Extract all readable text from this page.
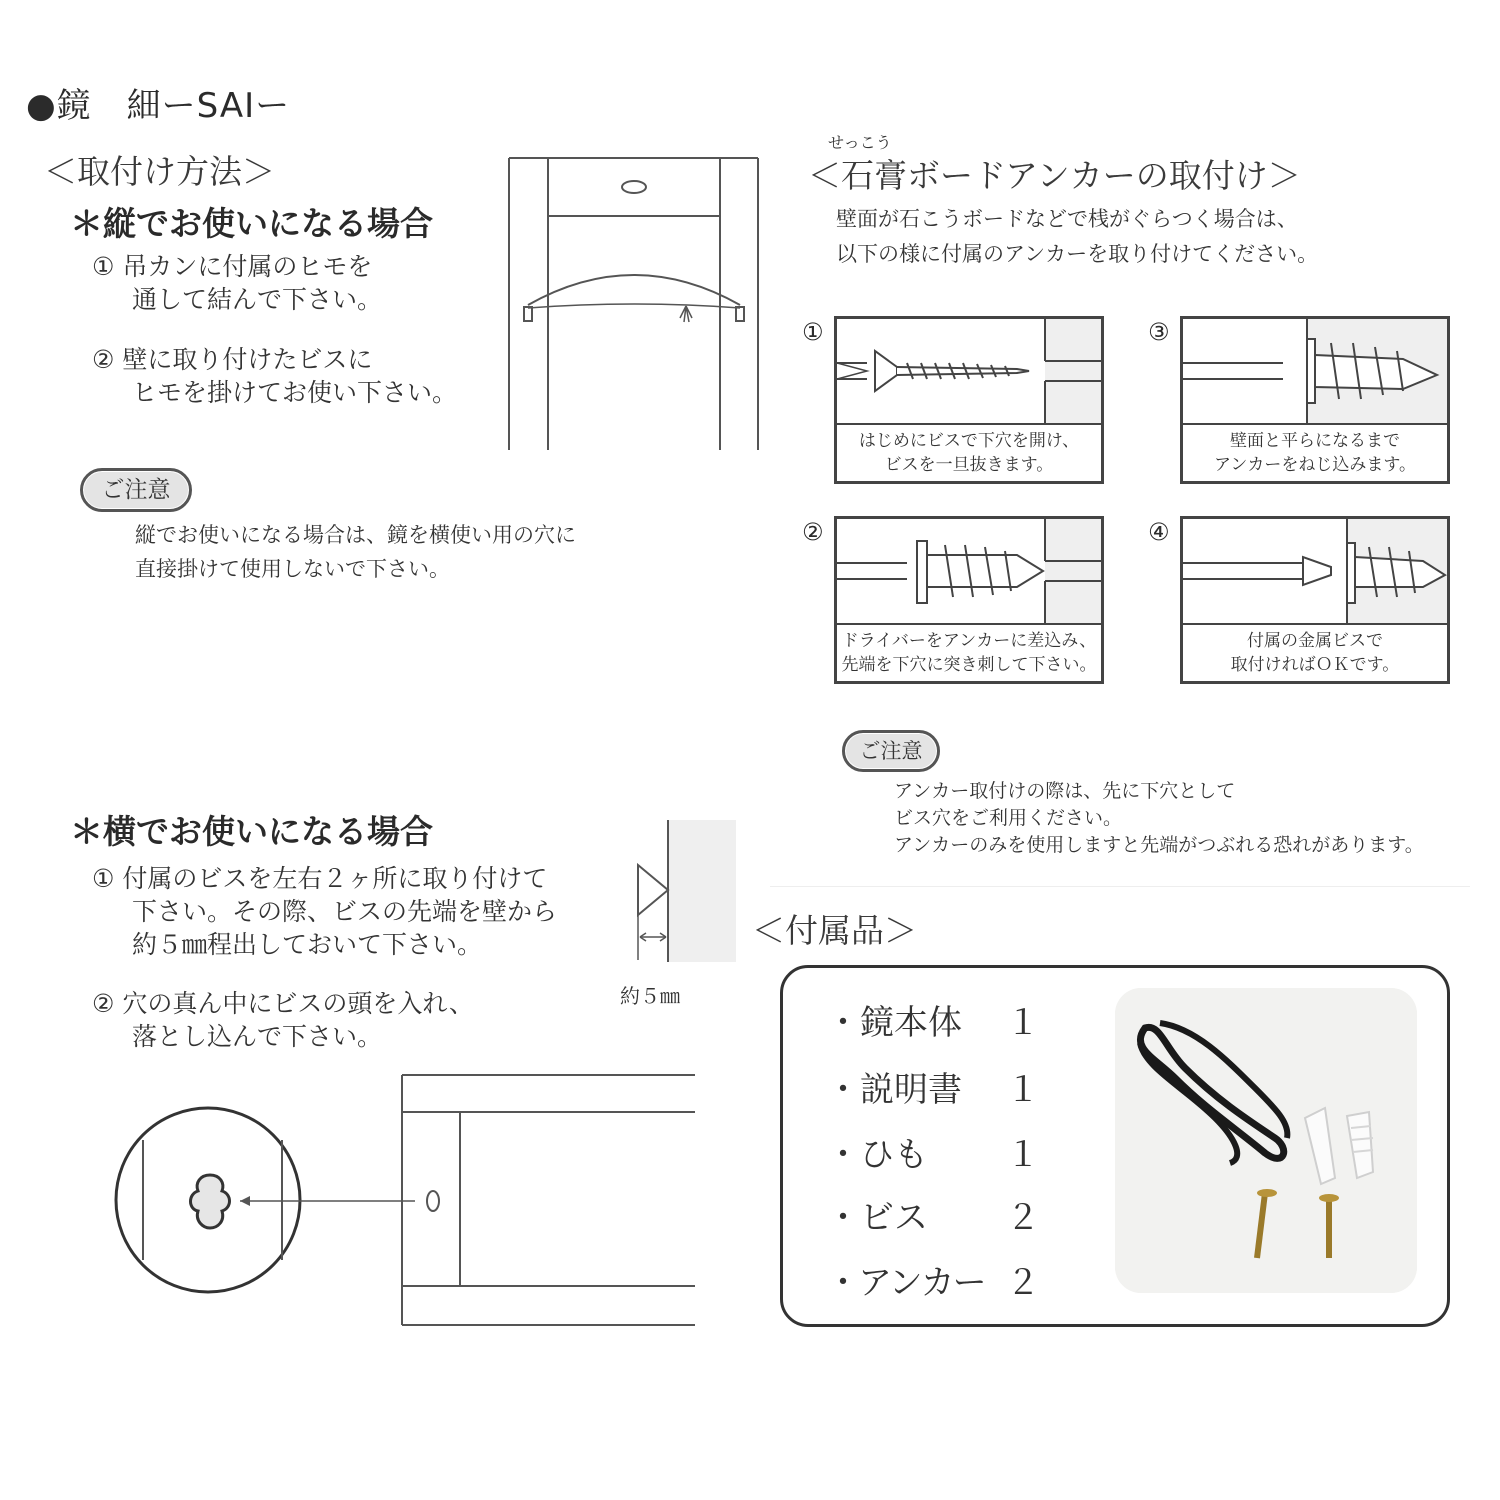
●鏡　細ーSAIー
＜取付け方法＞
＊縦でお使いになる場合
① 吊カンに付属のヒモを
通して結んで下さい。
② 壁に取り付けたビスに
ヒモを掛けてお使い下さい。
ご注意
縦でお使いになる場合は、鏡を横使い用の穴に
直接掛けて使用しないで下さい。
＊横でお使いになる場合
① 付属のビスを左右２ヶ所に取り付けて
下さい。その際、ビスの先端を壁から
約５㎜程出しておいて下さい。
② 穴の真ん中にビスの頭を入れ、
落とし込んで下さい。
約５㎜
せっこう
＜石膏ボードアンカーの取付け＞
壁面が石こうボードなどで桟がぐらつく場合は、
以下の様に付属のアンカーを取り付けてください。
①
②
③
④
はじめにビスで下穴を開け、
ビスを一旦抜きます。
ドライバーをアンカーに差込み、
先端を下穴に突き刺して下さい。
壁面と平らになるまで
アンカーをねじ込みます。
付属の金属ビスで
取付ければＯＫです。
ご注意
アンカー取付けの際は、先に下穴として
ビス穴をご利用ください。
アンカーのみを使用しますと先端がつぶれる恐れがあります。
＜付属品＞
・鏡本体 １
・説明書 １
・ひも １
・ビス ２
・アンカー ２
